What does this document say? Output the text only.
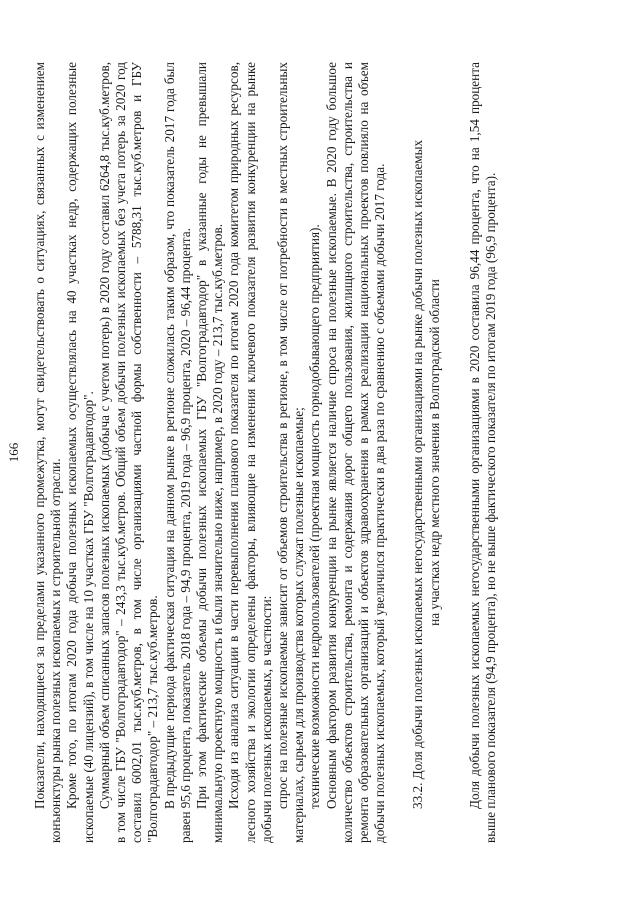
166 Показатели, находящиеся за пределами указанного промежутка, могут свидетельствовать о ситуациях, связанных с изменением конъюнктуры рынка полезных ископаемых и строительной отрасли. Кроме того, по итогам 2020 года добыча полезных ископаемых осуществлялась на 40 участках недр, содержащих полезные ископаемые (40 лицензий), в том числе на 10 участках ГБУ "Волгоградавтодор". Суммарный объем списанных запасов полезных ископаемых (добыча с учетом потерь) в 2020 году составил 6264,8 тыс.куб.метров, в том числе ГБУ "Волгоградавтодор" – 243,3 тыс.куб.метров. Общий объем добычи полезных ископаемых без учета потерь за 2020 год составил 6002,01 тыс.куб.метров, в том числе организациями частной формы собственности – 5788,31 тыс.куб.метров и ГБУ "Волгоградавтодор" – 213,7 тыс.куб.метров. В предыдущие периода фактическая ситуация на данном рынке в регионе сложилась таким образом, что показатель 2017 года был равен 95,6 процента, показатель 2018 года – 94,9 процента, 2019 года – 96,9 процента, 2020 – 96,44 процента. При этом фактические объемы добычи полезных ископаемых ГБУ "Волгоградавтодор" в указанные годы не превышали минимальную проектную мощность и были значительно ниже, например, в 2020 году – 213,7 тыс.куб.метров. Исходя из анализа ситуации в части перевыполнения планового показателя по итогам 2020 года комитетом природных ресурсов, лесного хозяйства и экологии определены факторы, влияющие на изменения ключевого показателя развития конкуренции на рынке добычи полезных ископаемых, в частности: спрос на полезные ископаемые зависит от объемов строительства в регионе, в том числе от потребности в местных строительных материалах, сырьем для производства которых служат полезные ископаемые; технические возможности недропользователей (проектная мощность горнодобывающего предприятия). Основным фактором развития конкуренции на рынке является наличие спроса на полезные ископаемые. В 2020 году большое количество объектов строительства, ремонта и содержания дорог общего пользования, жилищного строительства, строительства и ремонта образовательных организаций и объектов здравоохранения в рамках реализации национальных проектов повлияло на объем добычи полезных ископаемых, который увеличился практически в два раза по сравнению с объемами добычи 2017 года. 33.2. Доля добычи полезных ископаемых негосударственными организациями на рынке добычи полезных ископаемых на участках недр местного значения в Волгоградской области Доля добычи полезных ископаемых негосударственными организациями в 2020 составила 96,44 процента, что на 1,54 процента выше планового показателя (94,9 процента), но не выше фактического показателя по итогам 2019 года (96,9 процента).
